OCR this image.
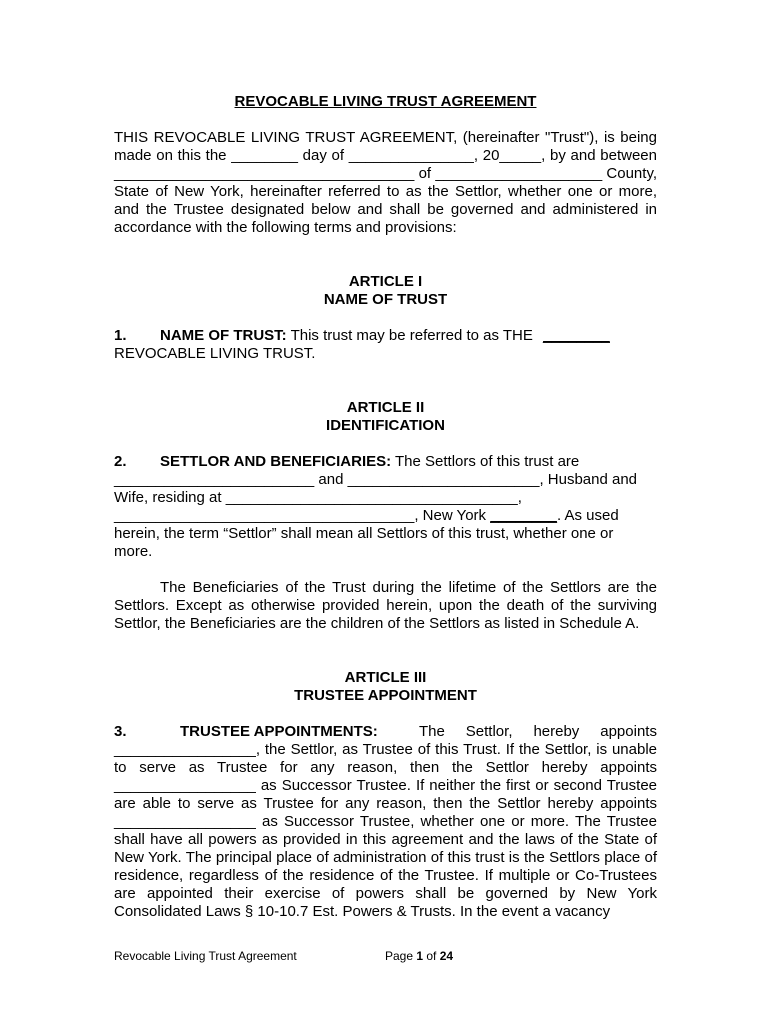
REVOCABLE LIVING TRUST AGREEMENT

THIS REVOCABLE LIVING TRUST AGREEMENT, (hereinafter "Trust"), is being made on this the ________ day of _______________, 20_____, by and between ____________________________________ of ____________________ County, State of New York, hereinafter referred to as the Settlor, whether one or more, and the Trustee designated below and shall be governed and administered in accordance with the following terms and provisions:

ARTICLE I

NAME OF TRUST

1. NAME OF TRUST: This trust may be referred to as THE ________
REVOCABLE LIVING TRUST.

ARTICLE II

IDENTIFICATION

2. SETTLOR AND BENEFICIARIES: The Settlors of this trust are
________________________ and _______________________, Husband and
Wife, residing at ___________________________________,
____________________________________, New York ________. As used
herein, the term “Settlor” shall mean all Settlors of this trust, whether one or
more.

The Beneficiaries of the Trust during the lifetime of the Settlors are the Settlors. Except as otherwise provided herein, upon the death of the surviving Settlor, the Beneficiaries are the children of the Settlors as listed in Schedule A.

ARTICLE III

TRUSTEE APPOINTMENT

3.	TRUSTEE APPOINTMENTS:	The Settlor, hereby appoints

_________________, the Settlor, as Trustee of this Trust. If the Settlor, is unable to serve as Trustee for any reason, then the Settlor hereby appoints _________________ as Successor Trustee. If neither the first or second Trustee are able to serve as Trustee for any reason, then the Settlor hereby appoints _________________ as Successor Trustee, whether one or more. The Trustee shall have all powers as provided in this agreement and the laws of the State of New York. The principal place of administration of this trust is the Settlors place of residence, regardless of the residence of the Trustee. If multiple or Co-Trustees are appointed their exercise of powers shall be governed by New York Consolidated Laws § 10-10.7 Est. Powers & Trusts. In the event a vacancy

Revocable Living Trust Agreement	Page 1 of 24
